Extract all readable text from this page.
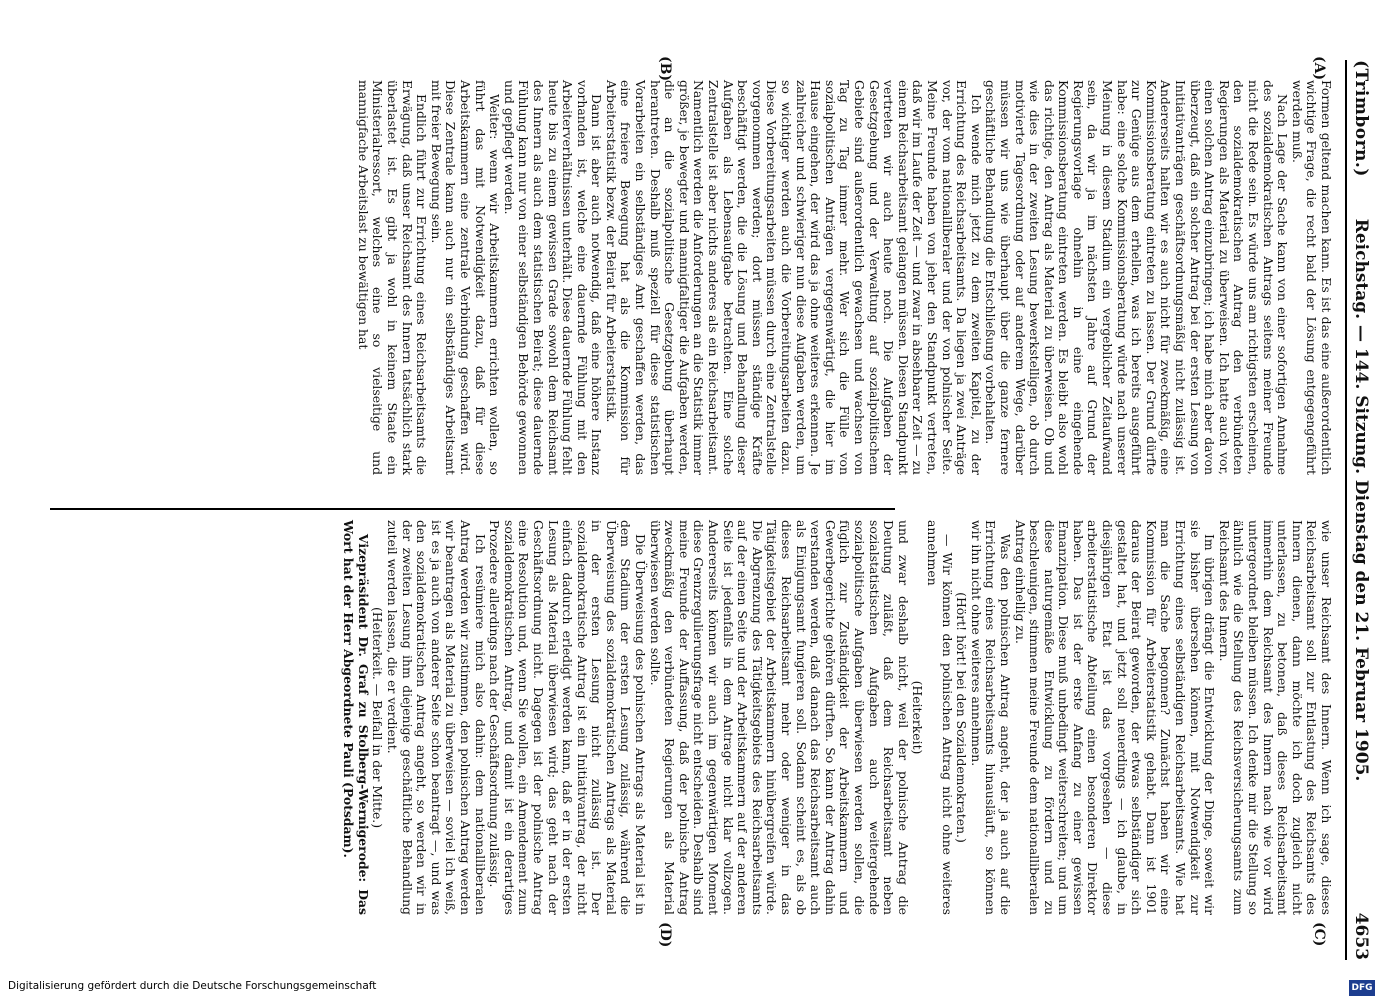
(Trimborn.)
4653
Reichstag. — 144. Sitzung. Dienstag den 21. Februar 1905.
(A)
(B)
(C)
(D)

Formen geltend machen kann. Es ist das eine außerordentlich wichtige Frage, die recht bald der Lösung entgegengeführt werden muß.

Nach Lage der Sache kann von einer sofortigen Annahme des sozialdemokratischen Antrags seitens meiner Freunde nicht die Rede sein. Es würde uns am richtigsten erscheinen, den sozialdemokratischen Antrag den verbündeten Regierungen als Material zu überweisen. Ich hatte auch vor, einen solchen Antrag einzubringen; ich habe mich aber davon überzeugt, daß ein solcher Antrag bei der ersten Lesung von Initiativanträgen geschäftsordnungsmäßig nicht zulässig ist. Andererseits halten wir es auch nicht für zweckmäßig, eine Kommissionsberatung eintreten zu lassen. Der Grund dürfte zur Genüge aus dem erhellen, was ich bereits ausgeführt habe: eine solche Kommissionsberatung würde nach unserer Meinung in diesem Stadium ein vergeblicher Zeitaufwand sein, da wir ja im nächsten Jahre auf Grund der Regierungsvorlage ohnehin in eine eingehende Kommissionsberatung eintreten werden. Es bleibt also wohl das richtige, den Antrag als Material zu überweisen. Ob und wie dies in der zweiten Lesung bewerkstelligen, ob durch motivierte Tagesordnung oder auf anderem Wege, darüber müssen wir uns wie überhaupt über die ganze fernere geschäftliche Behandlung die Entschließung vorbehalten.

Ich wende mich jetzt zu dem zweiten Kapitel, zu der Errichtung des Reichsarbeitsamts. Da liegen ja zwei Anträge vor, der vom nationalliberaler und der von polnischer Seite. Meine Freunde haben von jeher den Standpunkt vertreten, daß wir im Laufe der Zeit — und zwar in absehbarer Zeit — zu einem Reichsarbeitsamt gelangen müssen. Diesen Standpunkt vertreten wir auch heute noch. Die Aufgaben der Gesetzgebung und der Verwaltung auf sozialpolitischem Gebiete sind außerordentlich gewachsen und wachsen von Tag zu Tag immer mehr. Wer sich die Fülle von sozialpolitischen Anträgen vergegenwärtigt, die hier im Hause eingehen, der wird das ja ohne weiteres erkennen. Je zahlreicher und schwieriger nun diese Aufgaben werden, um so wichtiger werden auch die Vorbereitungsarbeiten dazu. Diese Vorbereitungsarbeiten müssen durch eine Zentralstelle vorgenommen werden; dort müssen ständige Kräfte beschäftigt werden, die die Lösung und Behandlung dieser Aufgaben als Lebensaufgabe betrachten. Eine solche Zentralstelle ist aber nichts anderes als ein Reichsarbeitsamt. Namentlich werden die Anforderungen an die Statistik immer größer, je bewegter und mannigfaltiger die Aufgaben werden, die an die sozialpolitische Gesetzgebung überhaupt herantreten. Deshalb muß speziell für diese statistischen Vorarbeiten ein selbständiges Amt geschaffen werden, das eine freiere Bewegung hat als die Kommission für Arbeiterstatistik bezw. der Beirat für Arbeiterstatistik.

Dann ist aber auch notwendig, daß eine höhere Instanz vorhanden ist, welche eine dauernde Fühlung mit den Arbeiterverhältnissen unterhält. Diese dauernde Fühlung fehlt heute bis zu einem gewissen Grade sowohl dem Reichsamt des Innern als auch dem statistischen Beirat; diese dauernde Fühlung kann nur von einer selbständigen Behörde gewonnen und gepflegt werden.

Weiter: wenn wir Arbeitskammern errichten wollen, so führt das mit Notwendigkeit dazu, daß für diese Arbeitskammern eine zentrale Verbindung geschaffen wird. Diese Zentrale kann auch nur ein selbständiges Arbeitsamt mit freier Bewegung sein.

Endlich führt zur Errichtung eines Reichsarbeitsamts die Erwägung, daß unser Reichsamt des Innern tatsächlich stark überlastet ist. Es gibt ja wohl in keinem Staate ein Ministerialressort, welches eine so vielseitige und mannigfache Arbeitslast zu bewältigen hat

wie unser Reichsamt des Innern. Wenn ich sage, dieses Reichsarbeitsamt soll zur Entlastung des Reichsamts des Innern dienen, dann möchte ich doch zugleich nicht unterlassen, zu betonen, daß dieses Reichsarbeitsamt immerhin dem Reichsamt des Innern nach wie vor wird untergeordnet bleiben müssen. Ich denke mir die Stellung so ähnlich wie die Stellung des Reichsversicherungsamts zum Reichsamt des Innern.

Im übrigen drängt die Entwicklung der Dinge, soweit wir sie bisher übersehen können, mit Notwendigkeit zur Errichtung eines selbständigen Reichsarbeitsamts. Wie hat man die Sache begonnen? Zunächst haben wir eine Kommission für Arbeiterstatistik gehabt. Dann ist 1901 daraus der Beirat geworden, der etwas selbständiger sich gestaltet hat, und jetzt soll neuerdings — ich glaube, in diesjährigen Etat ist das vorgesehen — diese arbeiterstatistische Abteilung einen besonderen Direktor haben. Das ist der erste Anfang zu einer gewissen Emanzipation. Diese muß unbedingt weiterschreiten; und um diese naturgemäße Entwicklung zu fördern und zu beschleunigen, stimmen meine Freunde dem nationalliberalen Antrag einhellig zu.

Was den polnischen Antrag angeht, der ja auch auf die Errichtung eines Reichsarbeitsamts hinausläuft, so können wir ihn nicht ohne weiteres annehmen.

(Hört! hört! bei den Sozialdemokraten.)

— Wir können den polnischen Antrag nicht ohne weiteres annehmen

(Heiterkeit)

und zwar deshalb nicht, weil der polnische Antrag die Deutung zuläßt, daß dem Reichsarbeitsamt neben sozialstatistischen Aufgaben auch weitergehende sozialpolitische Aufgaben überwiesen werden sollen, die füglich zur Zuständigkeit der Arbeitskammern und Gewerbegerichte gehören dürften. So kann der Antrag dahin verstanden werden, daß danach das Reichsarbeitsamt auch als Einigungsamt fungieren soll. Sodann scheint es, als ob dieses Reichsarbeitsamt mehr oder weniger in das Tätigkeitsgebiet der Arbeitskammern hinübergreifen würde. Die Abgrenzung des Tätigkeitsgebiets des Reichsarbeitsamts auf der einen Seite und der Arbeitskammern auf der anderen Seite ist jedenfalls in dem Antrage nicht klar vollzogen. Andererseits können wir auch im gegenwärtigen Moment diese Grenzregulierungsfrage nicht entscheiden. Deshalb sind meine Freunde der Auffassung, daß der polnische Antrag zweckmäßig den verbündeten Regierungen als Material überwiesen werden sollte.

Die Überweisung des polnischen Antrags als Material ist in dem Stadium der ersten Lesung zulässig, während die Überweisung des sozialdemokratischen Antrags als Material in der ersten Lesung nicht zulässig ist. Der sozialdemokratische Antrag ist ein Initiativantrag, der nicht einfach dadurch erledigt werden kann, daß er in der ersten Lesung als Material überwiesen wird; das geht nach der Geschäftsordnung nicht. Dagegen ist der polnische Antrag eine Resolution und, wenn Sie wollen, ein Amendement zum sozialdemokratischen Antrag, und damit ist ein derartiges Prozedere allerdings nach der Geschäftsordnung zulässig.

Ich resümiere mich also dahin: dem nationalliberalen Antrag werden wir zustimmen, den polnischen Antrag werden wir beantragen als Material zu überweisen — soviel ich weiß, ist es ja auch von anderer Seite schon beantragt —, und was den sozialdemokratischen Antrag angeht, so werden wir in der zweiten Lesung ihm diejenige geschäftliche Behandlung zuteil werden lassen, die er verdient.

(Heiterkeit. — Beifall in der Mitte.)

Vizepräsident Dr. Graf zu Stolberg-Wernigerode: Das Wort hat der Herr Abgeordnete Pauli (Potsdam).

Digitalisierung gefördert durch die Deutsche Forschungsgemeinschaft	DFG
